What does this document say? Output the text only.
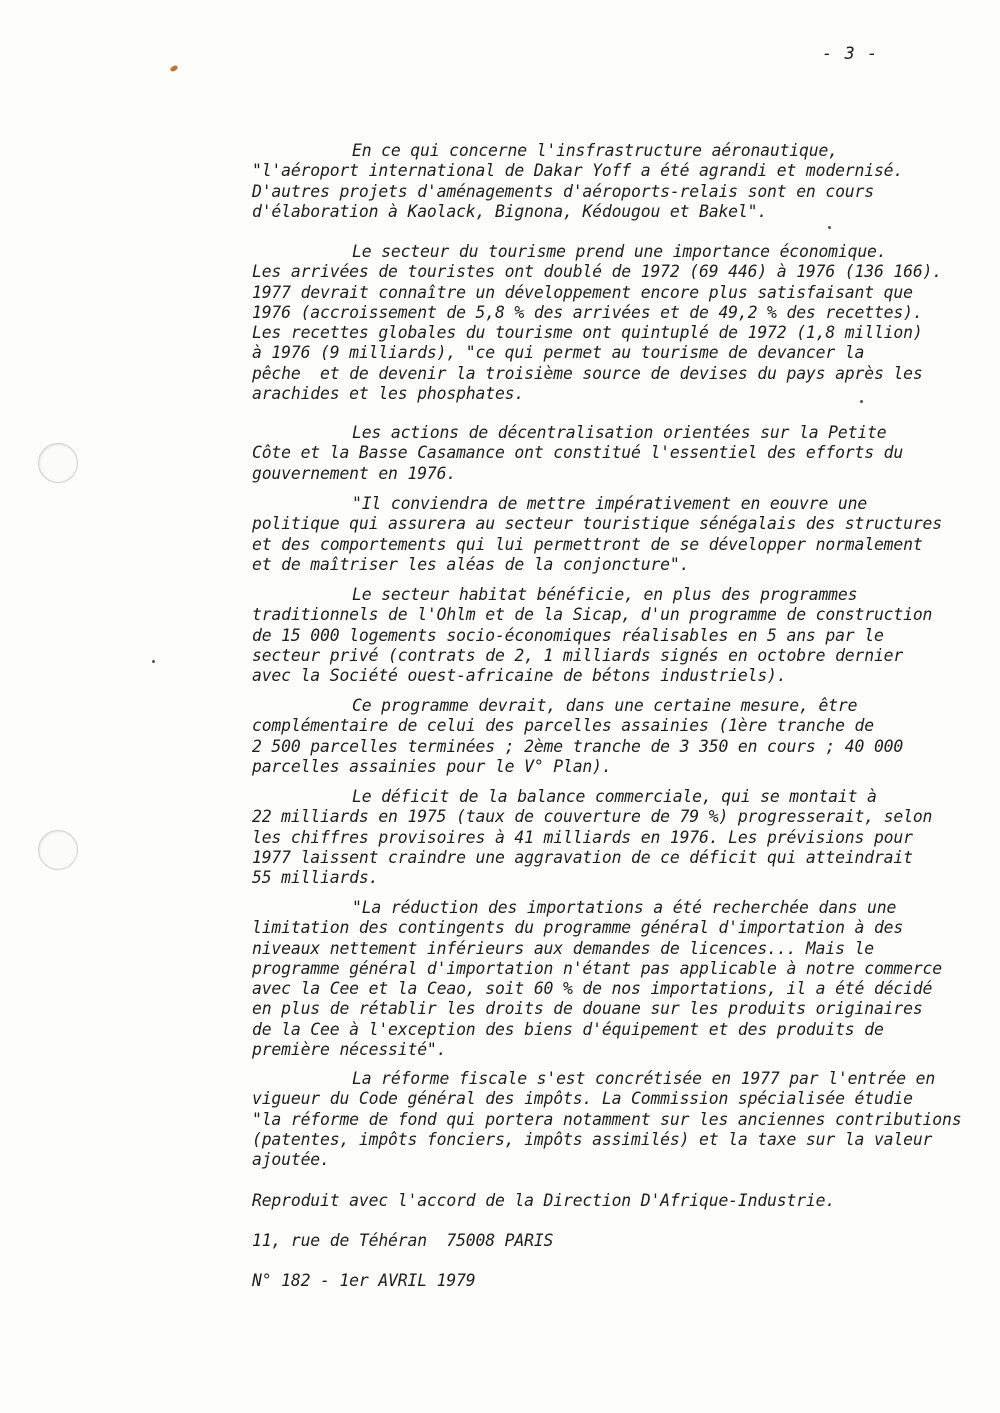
- 3 -
En ce qui concerne l'insfrastructure aéronautique,
"l'aéroport international de Dakar Yoff a été agrandi et modernisé.
D'autres projets d'aménagements d'aéroports-relais sont en cours
d'élaboration à Kaolack, Bignona, Kédougou et Bakel".
Le secteur du tourisme prend une importance économique.
Les arrivées de touristes ont doublé de 1972 (69 446) à 1976 (136 166).
1977 devrait connaître un développement encore plus satisfaisant que
1976 (accroissement de 5,8 % des arrivées et de 49,2 % des recettes).
Les recettes globales du tourisme ont quintuplé de 1972 (1,8 million)
à 1976 (9 milliards), "ce qui permet au tourisme de devancer la
pêche  et de devenir la troisième source de devises du pays après les
arachides et les phosphates.
Les actions de décentralisation orientées sur la Petite
Côte et la Basse Casamance ont constitué l'essentiel des efforts du
gouvernement en 1976.
"Il conviendra de mettre impérativement en eouvre une
politique qui assurera au secteur touristique sénégalais des structures
et des comportements qui lui permettront de se développer normalement
et de maîtriser les aléas de la conjoncture".
Le secteur habitat bénéficie, en plus des programmes
traditionnels de l'Ohlm et de la Sicap, d'un programme de construction
de 15 000 logements socio-économiques réalisables en 5 ans par le
secteur privé (contrats de 2, 1 milliards signés en octobre dernier
avec la Société ouest-africaine de bétons industriels).
Ce programme devrait, dans une certaine mesure, être
complémentaire de celui des parcelles assainies (1ère tranche de
2 500 parcelles terminées ; 2ème tranche de 3 350 en cours ; 40 000
parcelles assainies pour le V° Plan).
Le déficit de la balance commerciale, qui se montait à
22 milliards en 1975 (taux de couverture de 79 %) progresserait, selon
les chiffres provisoires à 41 milliards en 1976. Les prévisions pour
1977 laissent craindre une aggravation de ce déficit qui atteindrait
55 milliards.
"La réduction des importations a été recherchée dans une
limitation des contingents du programme général d'importation à des
niveaux nettement inférieurs aux demandes de licences... Mais le
programme général d'importation n'étant pas applicable à notre commerce
avec la Cee et la Ceao, soit 60 % de nos importations, il a été décidé
en plus de rétablir les droits de douane sur les produits originaires
de la Cee à l'exception des biens d'équipement et des produits de
première nécessité".
La réforme fiscale s'est concrétisée en 1977 par l'entrée en
vigueur du Code général des impôts. La Commission spécialisée étudie
"la réforme de fond qui portera notamment sur les anciennes contributions
(patentes, impôts fonciers, impôts assimilés) et la taxe sur la valeur
ajoutée.
Reproduit avec l'accord de la Direction D'Afrique-Industrie.
11, rue de Téhéran  75008 PARIS
N° 182 - 1er AVRIL 1979
